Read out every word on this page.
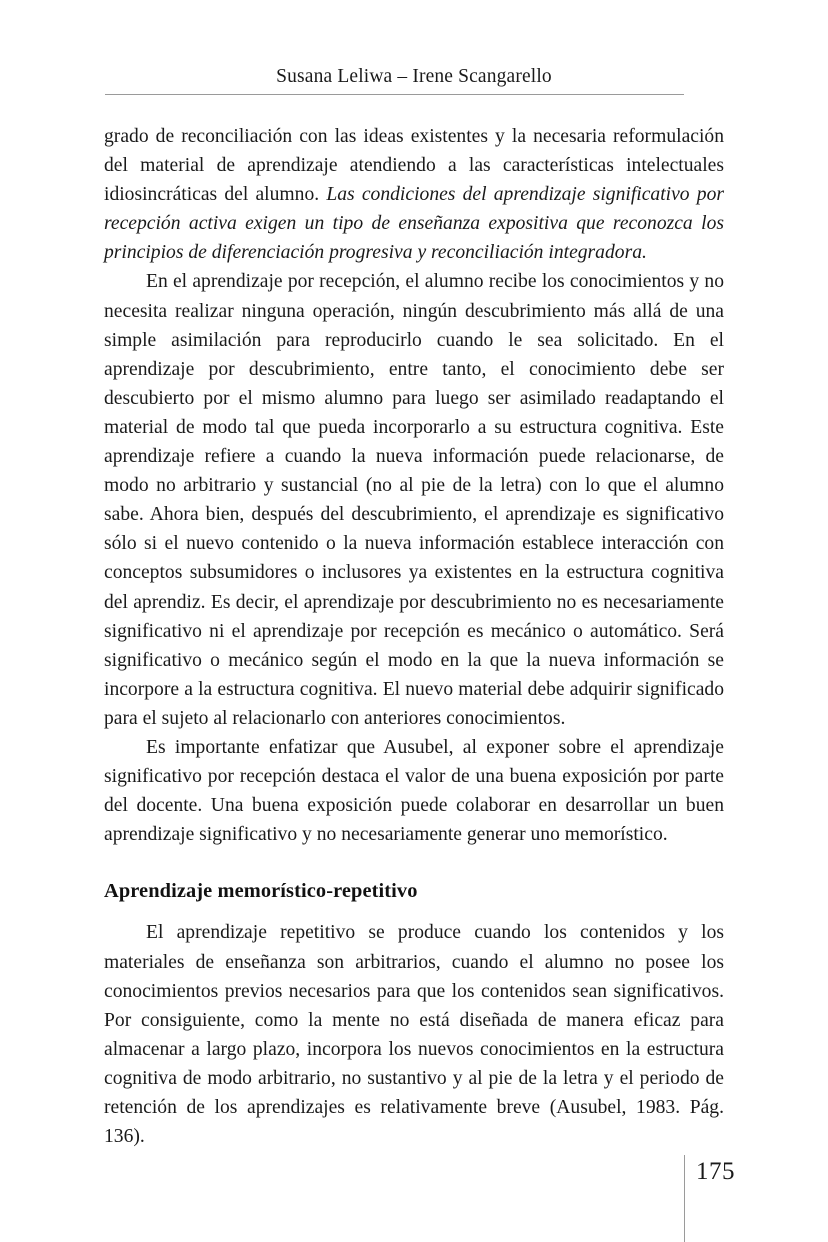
Susana Leliwa – Irene Scangarello

grado de reconciliación con las ideas existentes y la necesaria reformulación del material de aprendizaje atendiendo a las características intelectuales idiosincráticas del alumno. Las condiciones del aprendizaje significativo por recepción activa exigen un tipo de enseñanza expositiva que reconozca los principios de diferenciación progresiva y reconciliación integradora.

En el aprendizaje por recepción, el alumno recibe los conocimientos y no necesita realizar ninguna operación, ningún descubrimiento más allá de una simple asimilación para reproducirlo cuando le sea solicitado. En el aprendizaje por descubrimiento, entre tanto, el conocimiento debe ser descubierto por el mismo alumno para luego ser asimilado readaptando el material de modo tal que pueda incorporarlo a su estructura cognitiva. Este aprendizaje refiere a cuando la nueva información puede relacionarse, de modo no arbitrario y sustancial (no al pie de la letra) con lo que el alumno sabe. Ahora bien, después del descubrimiento, el aprendizaje es significativo sólo si el nuevo contenido o la nueva información establece interacción con conceptos subsumidores o inclusores ya existentes en la estructura cognitiva del aprendiz. Es decir, el aprendizaje por descubrimiento no es necesariamente significativo ni el aprendizaje por recepción es mecánico o automático. Será significativo o mecánico según el modo en la que la nueva información se incorpore a la estructura cognitiva. El nuevo material debe adquirir significado para el sujeto al relacionarlo con anteriores conocimientos.

Es importante enfatizar que Ausubel, al exponer sobre el aprendizaje significativo por recepción destaca el valor de una buena exposición por parte del docente. Una buena exposición puede colaborar en desarrollar un buen aprendizaje significativo y no necesariamente generar uno memorístico.

Aprendizaje memorístico-repetitivo

El aprendizaje repetitivo se produce cuando los contenidos y los materiales de enseñanza son arbitrarios, cuando el alumno no posee los conocimientos previos necesarios para que los contenidos sean significativos. Por consiguiente, como la mente no está diseñada de manera eficaz para almacenar a largo plazo, incorpora los nuevos conocimientos en la estructura cognitiva de modo arbitrario, no sustantivo y al pie de la letra y el periodo de retención de los aprendizajes es relativamente breve (Ausubel, 1983. Pág. 136).

175
